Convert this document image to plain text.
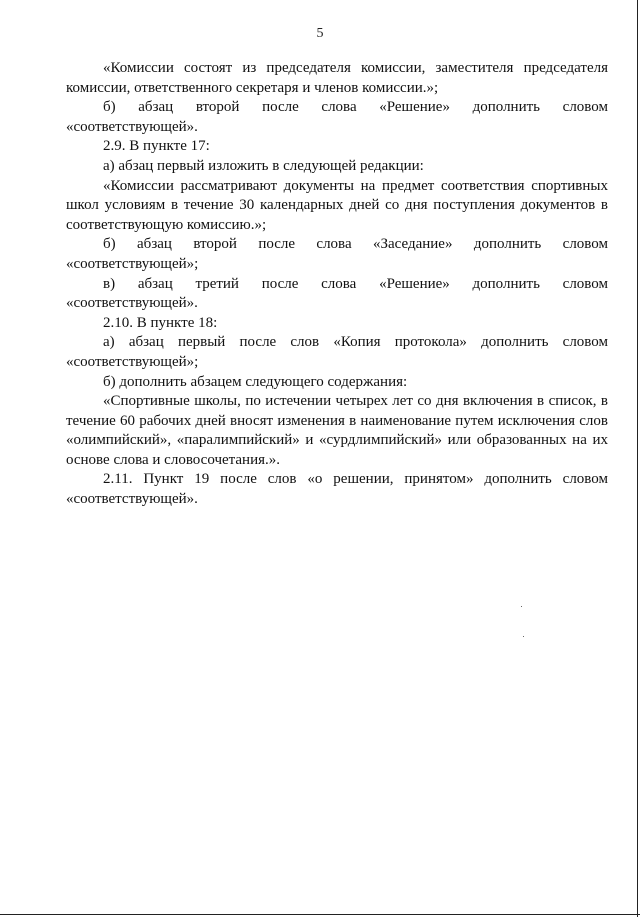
5

«Комиссии состоят из председателя комиссии, заместителя председателя комиссии, ответственного секретаря и членов комиссии.»;

б) абзац второй после слова «Решение» дополнить словом «соответствующей».

2.9. В пункте 17:

а) абзац первый изложить в следующей редакции:

«Комиссии рассматривают документы на предмет соответствия спортивных школ условиям в течение 30 календарных дней со дня поступления документов в соответствующую комиссию.»;

б) абзац второй после слова «Заседание» дополнить словом «соответствующей»;

в) абзац третий после слова «Решение» дополнить словом «соответствующей».

2.10. В пункте 18:

а) абзац первый после слов «Копия протокола» дополнить словом «соответствующей»;

б) дополнить абзацем следующего содержания:

«Спортивные школы, по истечении четырех лет со дня включения в список, в течение 60 рабочих дней вносят изменения в наименование путем исключения слов «олимпийский», «паралимпийский» и «сурдлимпийский» или образованных на их основе слова и словосочетания.».

2.11. Пункт 19 после слов «о решении, принятом» дополнить словом «соответствующей».
